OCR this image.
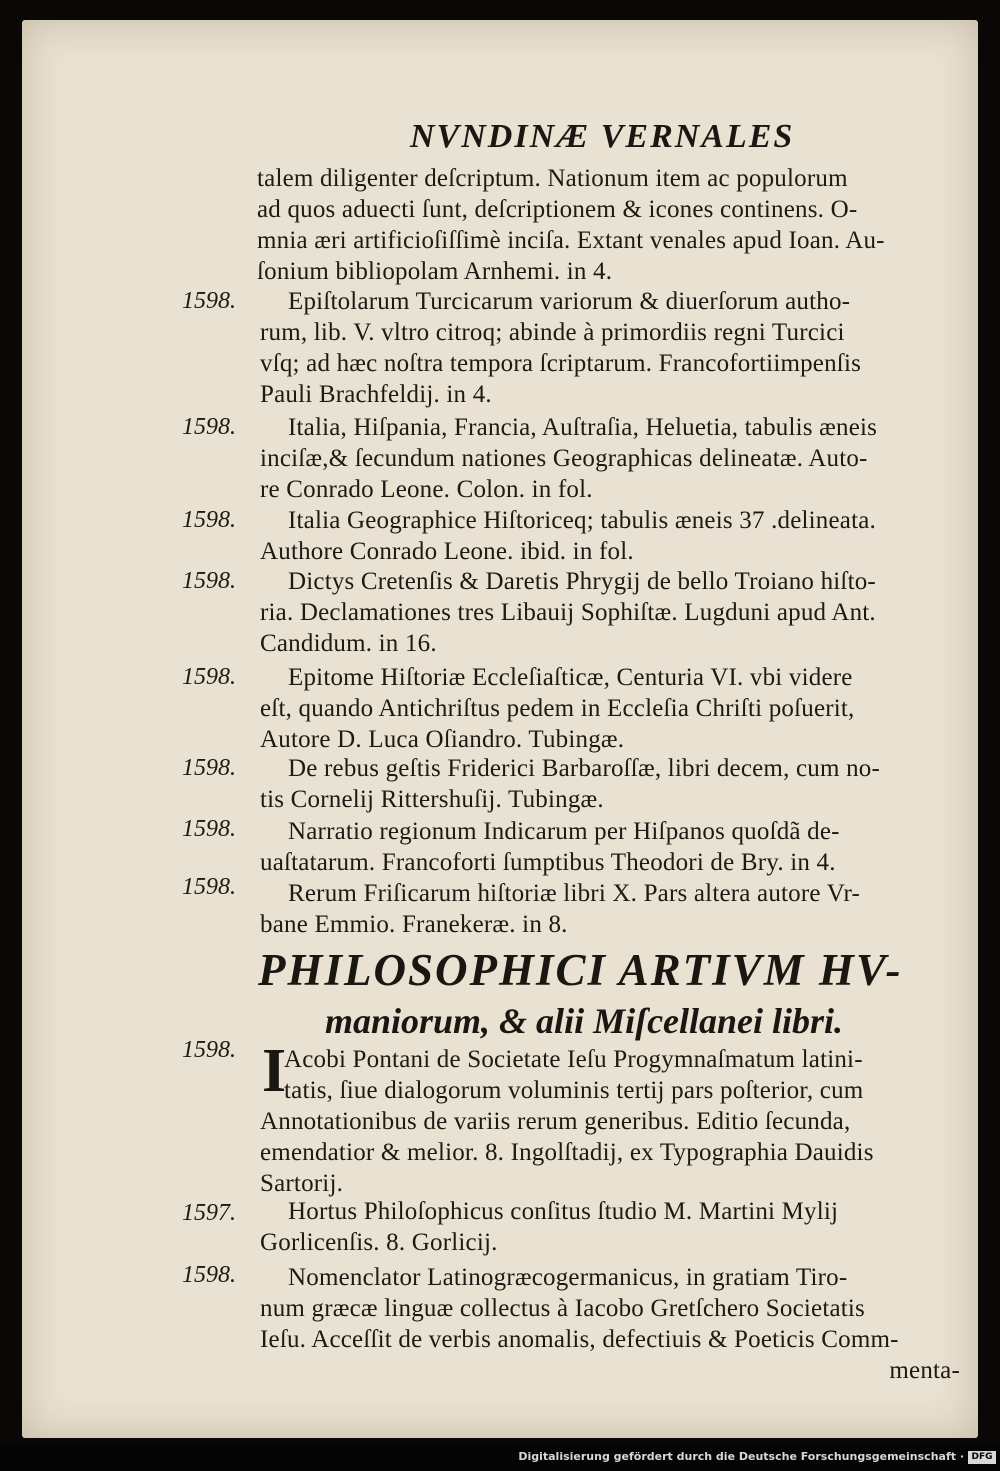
NVNDINÆ VERNALES
talem diligenter deſcriptum. Nationum item ac populorum
ad quos aduecti ſunt, deſcriptionem & icones continens. O-
mnia æri artificioſiſſimè inciſa. Extant venales apud Ioan. Au-
ſonium bibliopolam Arnhemi. in 4.
1598.	Epiſtolarum Turcicarum variorum & diuerſorum autho-
rum, lib. V. vltro citroq; abinde à primordiis regni Turcici
vſq; ad hæc noſtra tempora ſcriptarum. Francofortiimpenſis
Pauli Brachfeldij. in 4.
1598.	Italia, Hiſpania, Francia, Auſtraſia, Heluetia, tabulis æneis
inciſæ,& ſecundum nationes Geographicas delineatæ. Auto-
re Conrado Leone. Colon. in fol.
1598.	Italia Geographice Hiſtoriceq; tabulis æneis 37 .delineata.
Authore Conrado Leone. ibid. in fol.
1598.	Dictys Cretenſis & Daretis Phrygij de bello Troiano hiſto-
ria. Declamationes tres Libauij Sophiſtæ. Lugduni apud Ant.
Candidum. in 16.
1598.	Epitome Hiſtoriæ Eccleſiaſticæ, Centuria VI. vbi videre
eſt, quando Antichriſtus pedem in Eccleſia Chriſti poſuerit,
Autore D. Luca Oſiandro. Tubingæ.
1598.	De rebus geſtis Friderici Barbaroſſæ, libri decem, cum no-
tis Cornelij Rittershuſij. Tubingæ.
1598.	Narratio regionum Indicarum per Hiſpanos quoſdã de-
uaſtatarum. Francoforti ſumptibus Theodori de Bry. in 4.
1598.	Rerum Friſicarum hiſtoriæ libri X. Pars altera autore Vr-
bane Emmio. Franekeræ. in 8.
PHILOSOPHICI ARTIVM HV-
maniorum, & alii Miſcellanei libri.
1598. I
Acobi Pontani de Societate Ieſu Progymnaſmatum latini-
tatis, ſiue dialogorum voluminis tertij pars poſterior, cum
Annotationibus de variis rerum generibus. Editio ſecunda,
emendatior & melior. 8. Ingolſtadij, ex Typographia Dauidis
Sartorij.
1597.	Hortus Philoſophicus conſitus ſtudio M. Martini Mylij
Gorlicenſis. 8. Gorlicij.
1598.	Nomenclator Latinogræcogermanicus, in gratiam Tiro-
num græcæ linguæ collectus à Iacobo Gretſchero Societatis
Ieſu. Acceſſit de verbis anomalis, defectiuis & Poeticis Comm-
menta-
Digitalisierung gefördert durch die Deutsche Forschungsgemeinschaft · DFG
